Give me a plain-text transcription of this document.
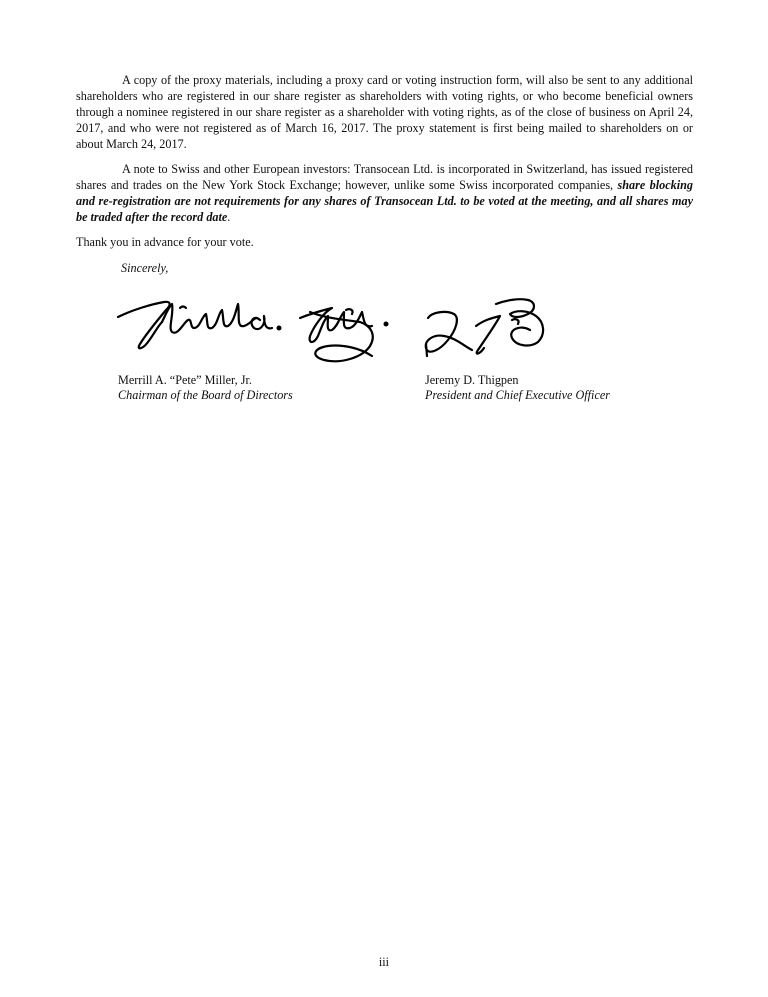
A copy of the proxy materials, including a proxy card or voting instruction form, will also be sent to any additional shareholders who are registered in our share register as shareholders with voting rights, or who become beneficial owners through a nominee registered in our share register as a shareholder with voting rights, as of the close of business on April 24, 2017, and who were not registered as of March 16, 2017. The proxy statement is first being mailed to shareholders on or about March 24, 2017.

A note to Swiss and other European investors: Transocean Ltd. is incorporated in Switzerland, has issued registered shares and trades on the New York Stock Exchange; however, unlike some Swiss incorporated companies, share blocking and re-registration are not requirements for any shares of Transocean Ltd. to be voted at the meeting, and all shares may be traded after the record date.

Thank you in advance for your vote.

Sincerely,
Merrill A. “Pete” Miller, Jr.
Chairman of the Board of Directors
Jeremy D. Thigpen
President and Chief Executive Officer
iii
